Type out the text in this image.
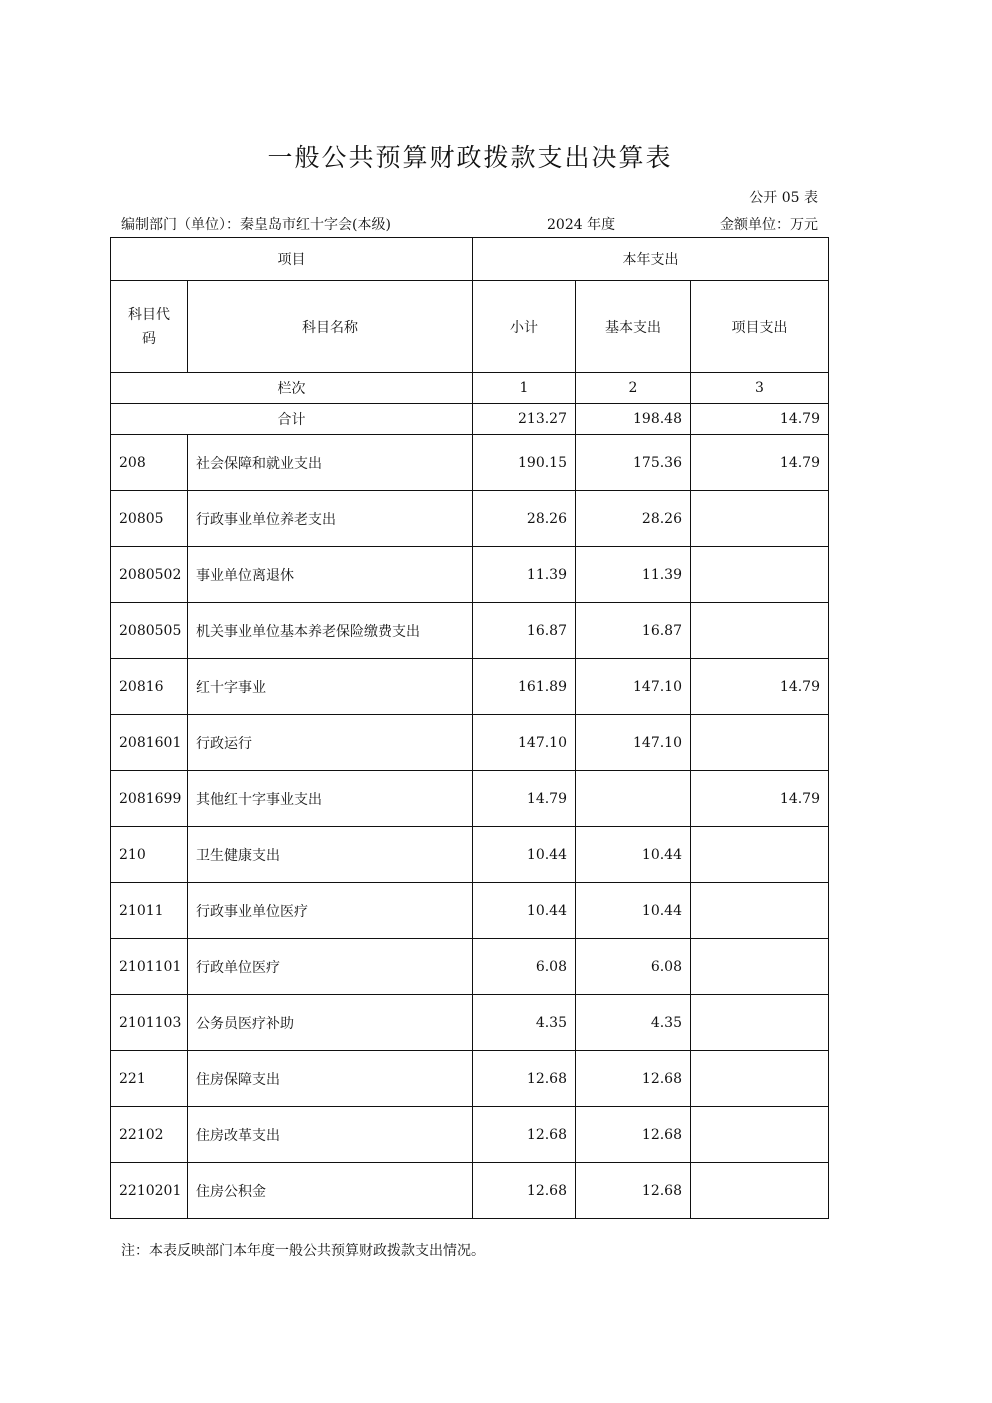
一般公共预算财政拨款支出决算表
公开 05 表
编制部门（单位）：秦皇岛市红十字会(本级)	2024 年度	金额单位：万元
项目		本年支出		

科目代码	科目名称	小计	基本支出	项目支出
栏次		1	2	3
合计		213.27	198.48	14.79
208	社会保障和就业支出	190.15	175.36	14.79
20805	行政事业单位养老支出	28.26	28.26	
2080502	事业单位离退休	11.39	11.39	
2080505	机关事业单位基本养老保险缴费支出	16.87	16.87	
20816	红十字事业	161.89	147.10	14.79
2081601	行政运行	147.10	147.10	
2081699	其他红十字事业支出	14.79		14.79
210	卫生健康支出	10.44	10.44	
21011	行政事业单位医疗	10.44	10.44	
2101101	行政单位医疗	6.08	6.08	
2101103	公务员医疗补助	4.35	4.35	
221	住房保障支出	12.68	12.68	
22102	住房改革支出	12.68	12.68	
2210201	住房公积金	12.68	12.68	
注：本表反映部门本年度一般公共预算财政拨款支出情况。
